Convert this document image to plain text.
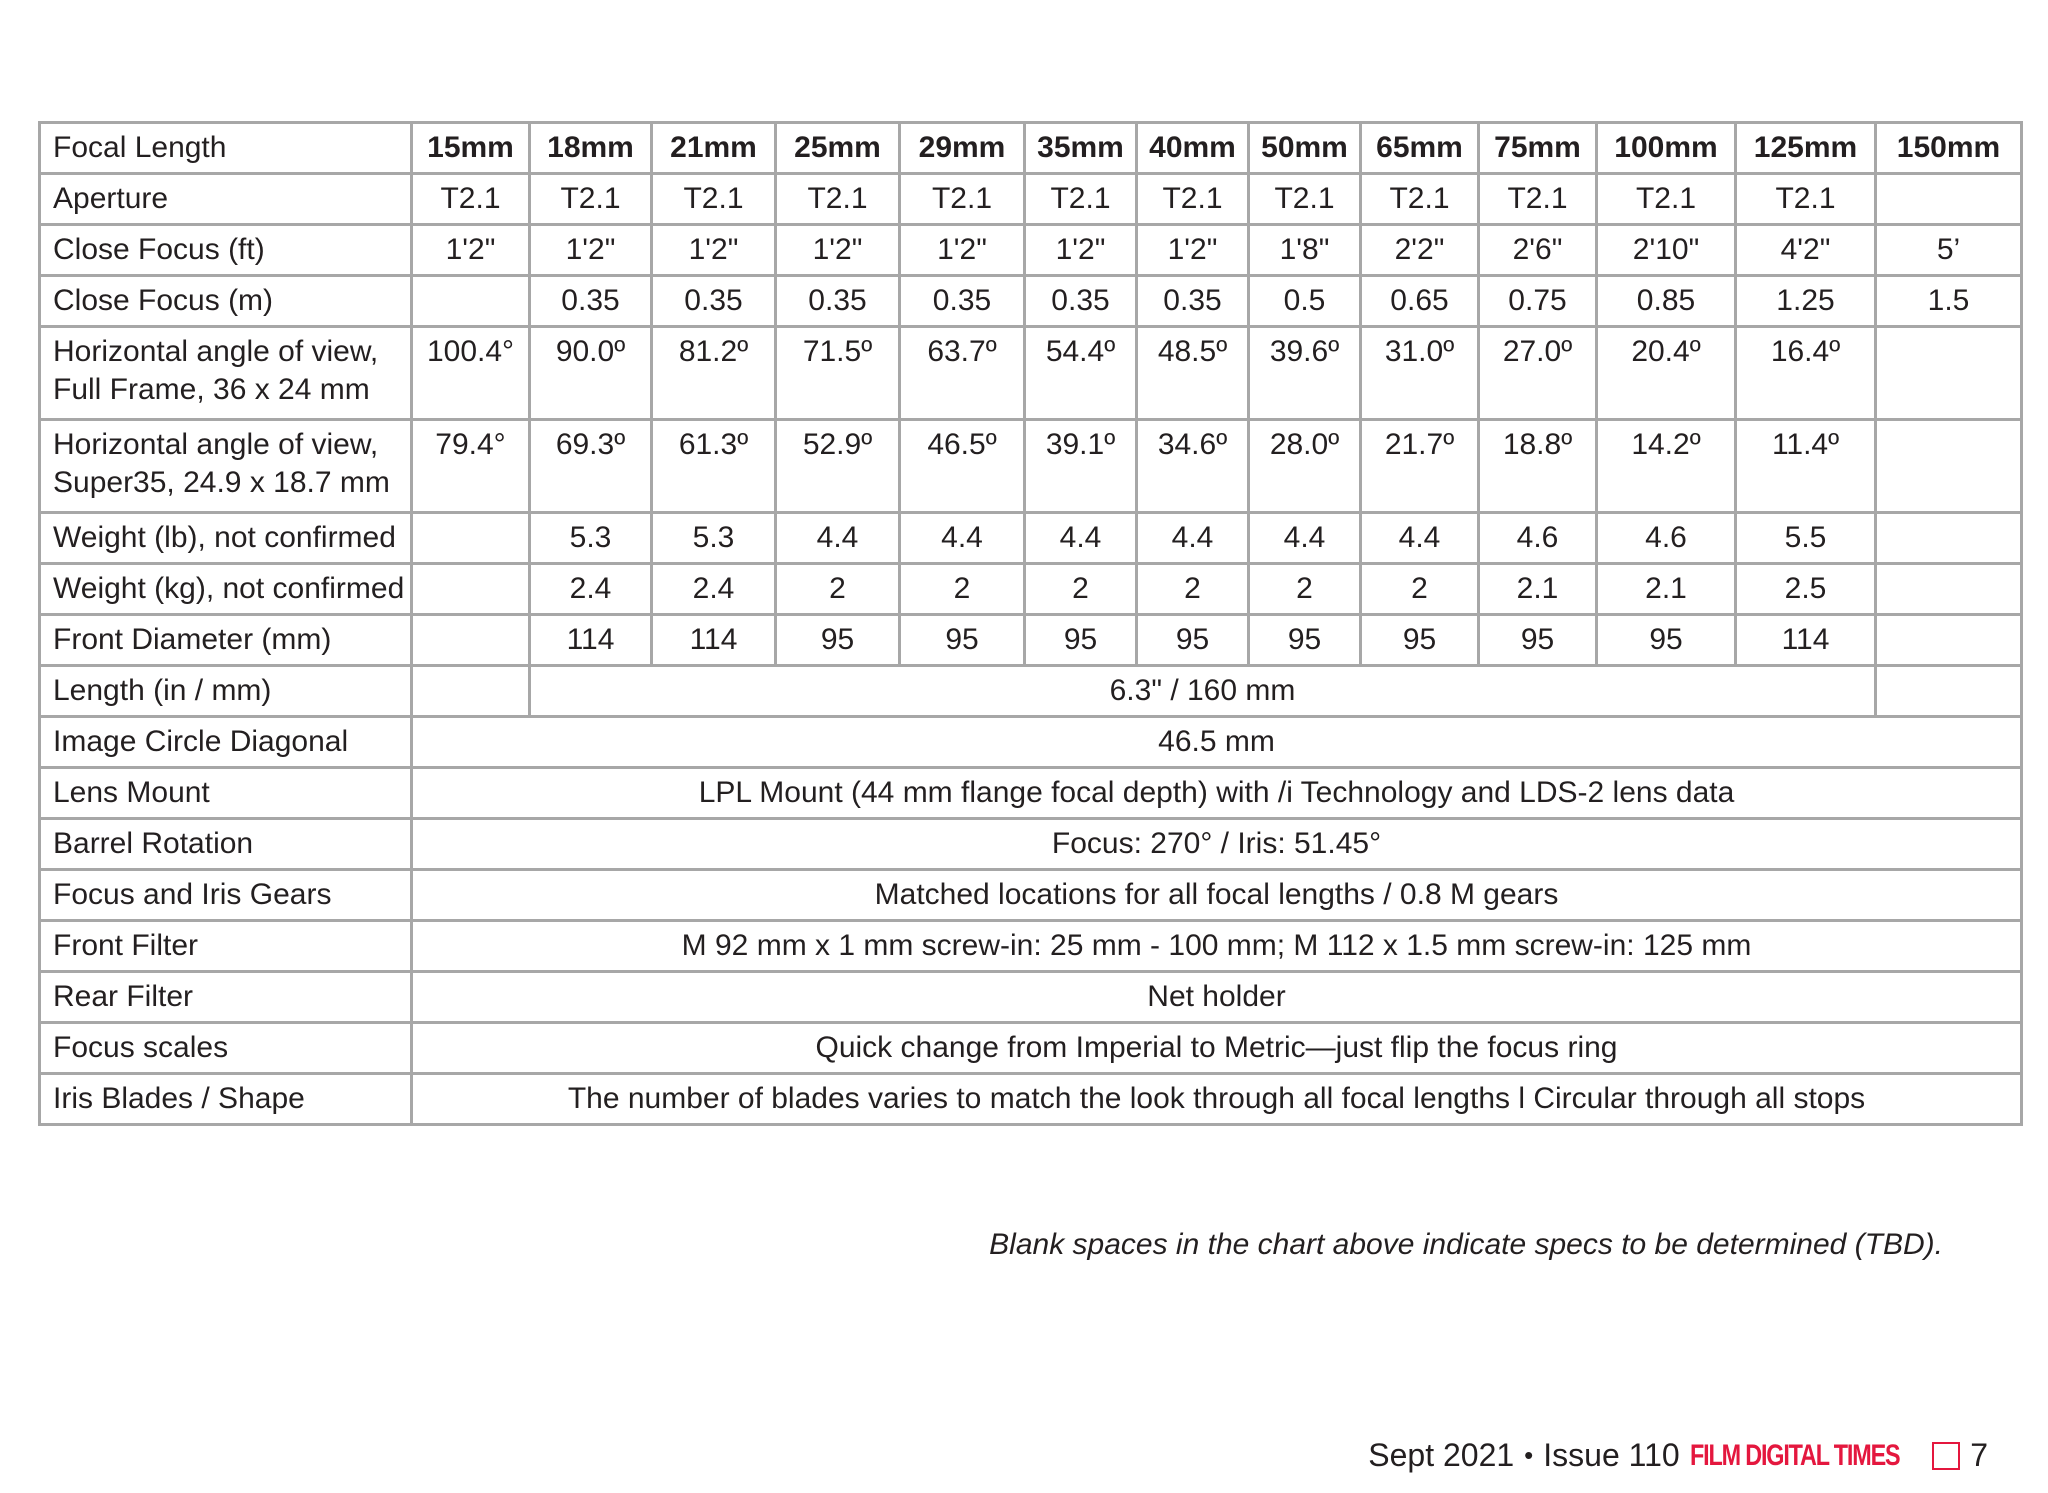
Focal Length	15mm	18mm	21mm	25mm	29mm	35mm	40mm	50mm	65mm	75mm	100mm	125mm	150mm
Aperture	T2.1	T2.1	T2.1	T2.1	T2.1	T2.1	T2.1	T2.1	T2.1	T2.1	T2.1	T2.1	
Close Focus (ft)	1'2"	1'2"	1'2"	1'2"	1'2"	1'2"	1'2"	1'8"	2'2"	2'6"	2'10"	4'2"	5’
Close Focus (m)		0.35	0.35	0.35	0.35	0.35	0.35	0.5	0.65	0.75	0.85	1.25	1.5

Horizontal angle of view,
Full Frame, 36 x 24 mm	100.4°	90.0º	81.2º	71.5º	63.7º	54.4º	48.5º	39.6º	31.0º	27.0º	20.4º	16.4º	

Horizontal angle of view,
Super35, 24.9 x 18.7 mm	79.4°	69.3º	61.3º	52.9º	46.5º	39.1º	34.6º	28.0º	21.7º	18.8º	14.2º	11.4º	
Weight (lb), not confirmed		5.3	5.3	4.4	4.4	4.4	4.4	4.4	4.4	4.6	4.6	5.5	
Weight (kg), not confirmed		2.4	2.4	2	2	2	2	2	2	2.1	2.1	2.5	
Front Diameter (mm)		114	114	95	95	95	95	95	95	95	95	114	
Length (in / mm)		6.3" / 160 mm											
Image Circle Diagonal	46.5 mm												
Lens Mount	LPL Mount (44 mm flange focal depth) with /i Technology and LDS-2 lens data												
Barrel Rotation	Focus: 270° / Iris: 51.45°												
Focus and Iris Gears	Matched locations for all focal lengths / 0.8 M gears												
Front Filter	M 92 mm x 1 mm screw-in: 25 mm - 100 mm; M 112 x 1.5 mm screw-in: 125 mm												
Rear Filter	Net holder												
Focus scales	Quick change from Imperial to Metric—just flip the focus ring												
Iris Blades / Shape	The number of blades varies to match the look through all focal lengths l Circular through all stops												
Blank spaces in the chart above indicate specs to be determined (TBD).
Sept 2021 • Issue 110 FILM DIGITAL TIMES 7
